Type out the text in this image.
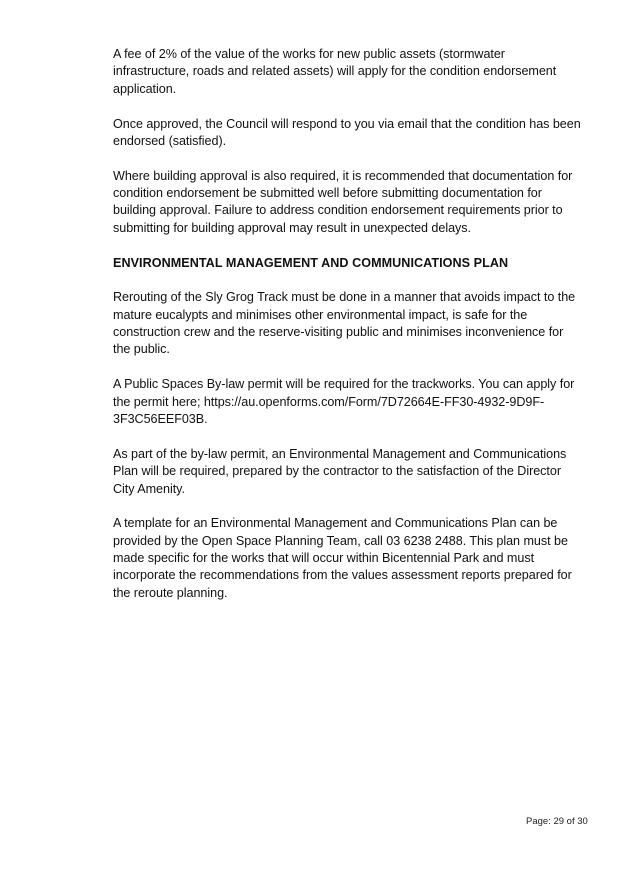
A fee of 2% of the value of the works for new public assets (stormwater infrastructure, roads and related assets) will apply for the condition endorsement application.

Once approved, the Council will respond to you via email that the condition has been endorsed (satisfied).

Where building approval is also required, it is recommended that documentation for condition endorsement be submitted well before submitting documentation for building approval. Failure to address condition endorsement requirements prior to submitting for building approval may result in unexpected delays.

ENVIRONMENTAL MANAGEMENT AND COMMUNICATIONS PLAN

Rerouting of the Sly Grog Track must be done in a manner that avoids impact to the mature eucalypts and minimises other environmental impact, is safe for the construction crew and the reserve-visiting public and minimises inconvenience for the public.

A Public Spaces By-law permit will be required for the trackworks. You can apply for the permit here; https://au.openforms.com/Form/7D72664E-FF30-4932-9D9F-3F3C56EEF03B.

As part of the by-law permit, an Environmental Management and Communications Plan will be required, prepared by the contractor to the satisfaction of the Director City Amenity.

A template for an Environmental Management and Communications Plan can be provided by the Open Space Planning Team, call 03 6238 2488. This plan must be made specific for the works that will occur within Bicentennial Park and must incorporate the recommendations from the values assessment reports prepared for the reroute planning.

Page: 29 of 30
